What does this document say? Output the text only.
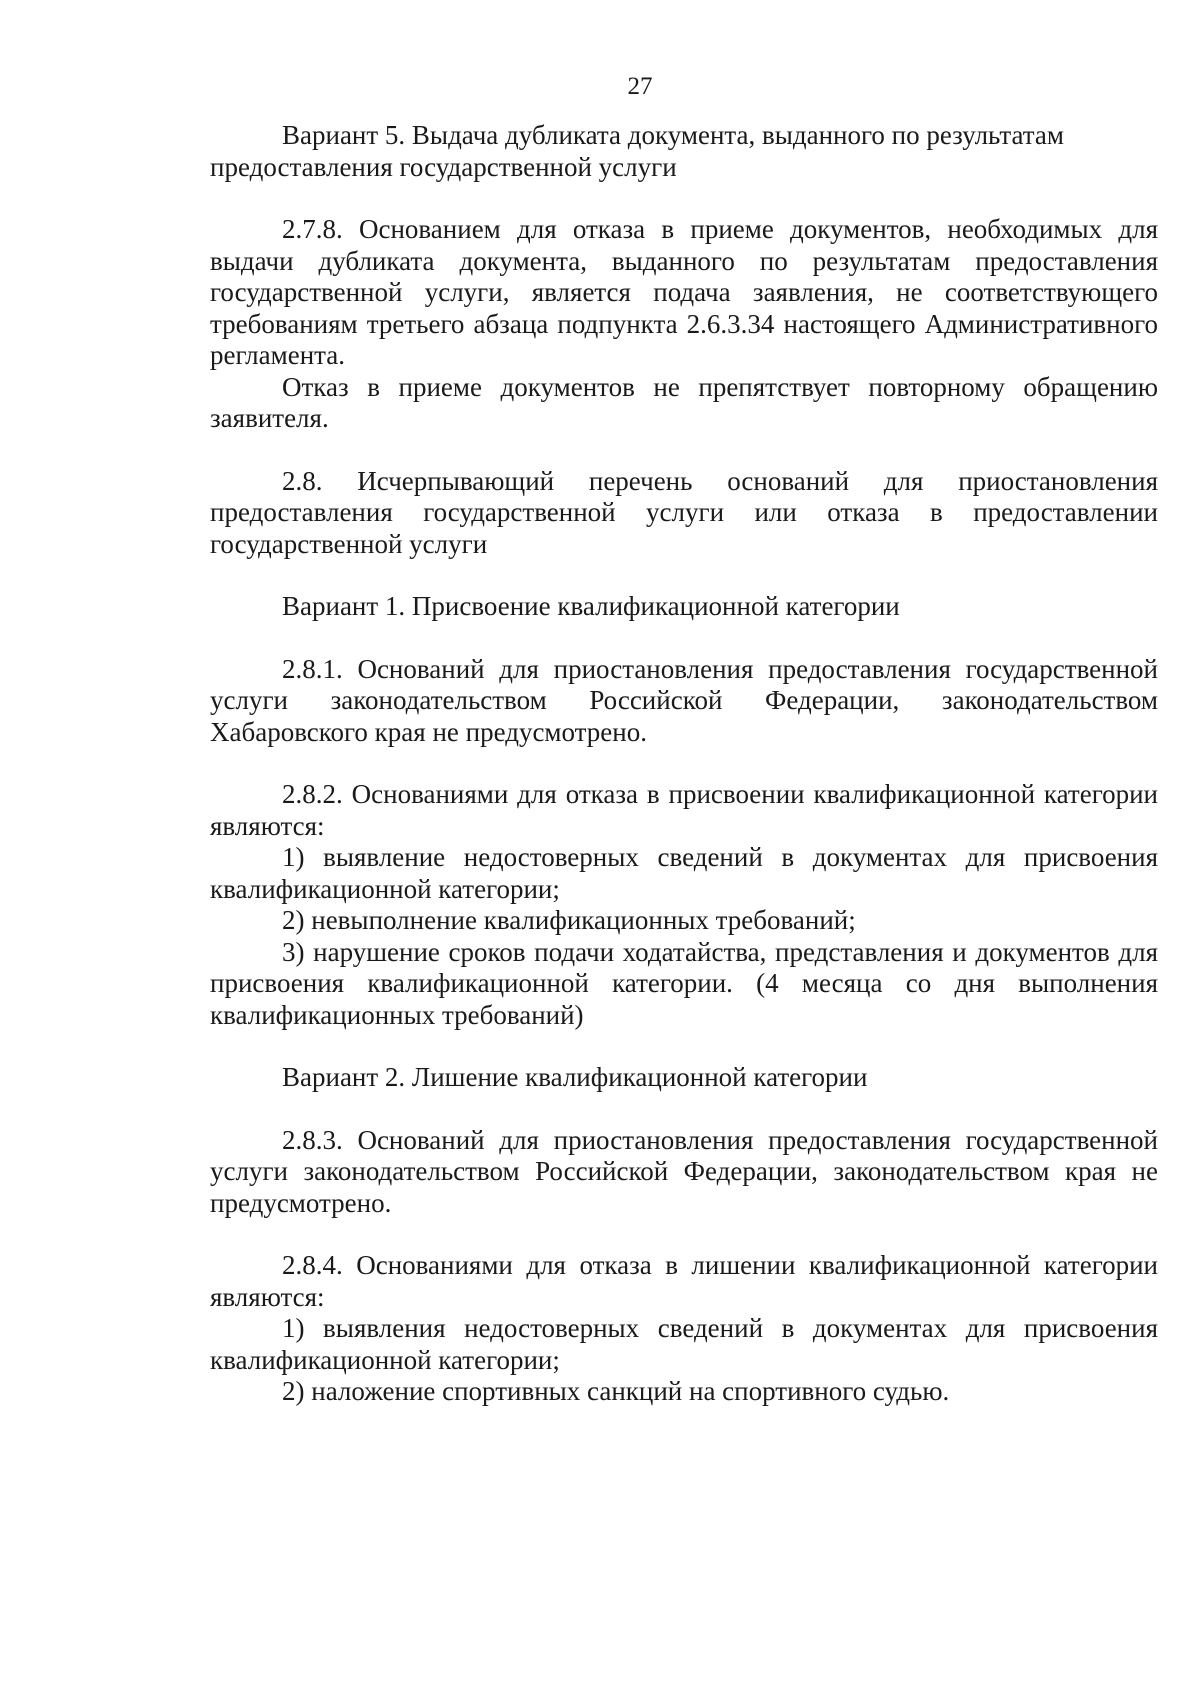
27

Вариант 5. Выдача дубликата документа, выданного по результатам предоставления государственной услуги

2.7.8. Основанием для отказа в приеме документов, необходимых для выдачи дубликата документа, выданного по результатам предоставления государственной услуги, является подача заявления, не соответствующего требованиям третьего абзаца подпункта 2.6.3.34 настоящего Административного регламента.

Отказ в приеме документов не препятствует повторному обращению заявителя.

2.8. Исчерпывающий перечень оснований для приостановления предоставления государственной услуги или отказа в предоставлении государственной услуги

Вариант 1. Присвоение квалификационной категории

2.8.1. Оснований для приостановления предоставления государственной услуги законодательством Российской Федерации, законодательством Хабаровского края не предусмотрено.

2.8.2. Основаниями для отказа в присвоении квалификационной категории являются:

1) выявление недостоверных сведений в документах для присвоения квалификационной категории;

2) невыполнение квалификационных требований;

3) нарушение сроков подачи ходатайства, представления и документов для присвоения квалификационной категории. (4 месяца со дня выполнения квалификационных требований)

Вариант 2. Лишение квалификационной категории

2.8.3. Оснований для приостановления предоставления государственной услуги законодательством Российской Федерации, законодательством края не предусмотрено.

2.8.4. Основаниями для отказа в лишении квалификационной категории являются:

1) выявления недостоверных сведений в документах для присвоения квалификационной категории;

2) наложение спортивных санкций на спортивного судью.
